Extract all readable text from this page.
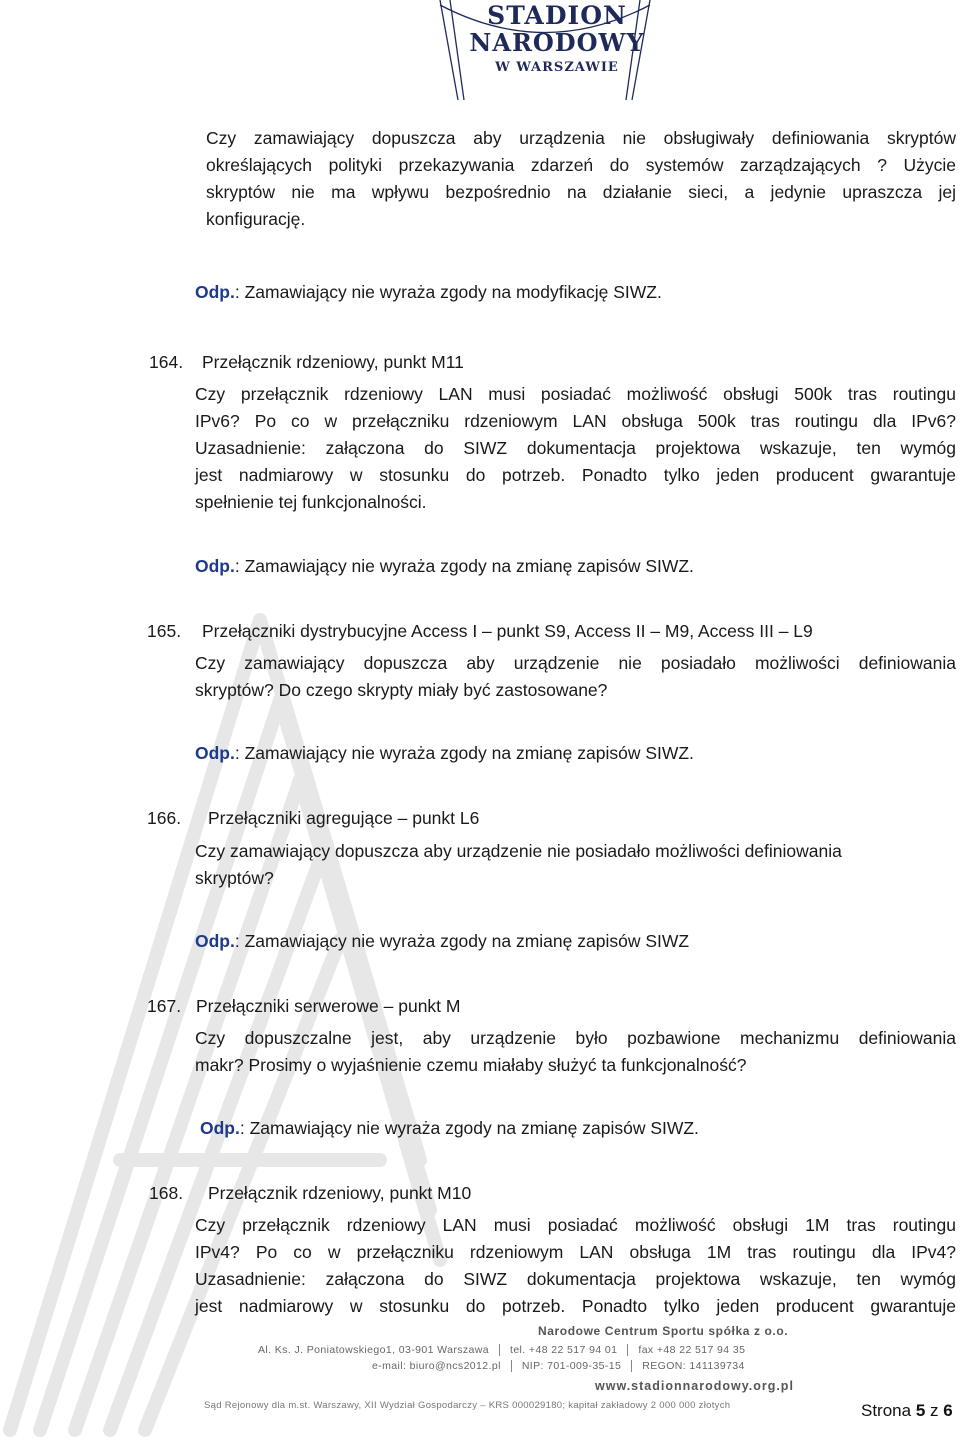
STADION
NARODOWY
W WARSZAWIE
Czy zamawiający dopuszcza aby urządzenia nie obsługiwały definiowania skryptów
określających polityki przekazywania zdarzeń do systemów zarządzających ? Użycie
skryptów nie ma wpływu bezpośrednio na działanie sieci, a jedynie upraszcza jej
konfigurację.
Odp.: Zamawiający nie wyraża zgody na modyfikację SIWZ.
164. Przełącznik rdzeniowy, punkt M11
Czy przełącznik rdzeniowy LAN musi posiadać możliwość obsługi 500k tras routingu
IPv6? Po co w przełączniku rdzeniowym LAN obsługa 500k tras routingu dla IPv6?
Uzasadnienie: załączona do SIWZ dokumentacja projektowa wskazuje, ten wymóg
jest nadmiarowy w stosunku do potrzeb. Ponadto tylko jeden producent gwarantuje
spełnienie tej funkcjonalności.
Odp.: Zamawiający nie wyraża zgody na zmianę zapisów SIWZ.
165. Przełączniki dystrybucyjne Access I – punkt S9, Access II – M9, Access III – L9
Czy zamawiający dopuszcza aby urządzenie nie posiadało możliwości definiowania
skryptów? Do czego skrypty miały być zastosowane?
Odp.: Zamawiający nie wyraża zgody na zmianę zapisów SIWZ.
166. Przełączniki agregujące – punkt L6
Czy zamawiający dopuszcza aby urządzenie nie posiadało możliwości definiowania
skryptów?
Odp.: Zamawiający nie wyraża zgody na zmianę zapisów SIWZ
167. Przełączniki serwerowe – punkt M
Czy dopuszczalne jest, aby urządzenie było pozbawione mechanizmu definiowania
makr? Prosimy o wyjaśnienie czemu miałaby służyć ta funkcjonalność?
Odp.: Zamawiający nie wyraża zgody na zmianę zapisów SIWZ.
168. Przełącznik rdzeniowy, punkt M10
Czy przełącznik rdzeniowy LAN musi posiadać możliwość obsługi 1M tras routingu
IPv4? Po co w przełączniku rdzeniowym LAN obsługa 1M tras routingu dla IPv4?
Uzasadnienie: załączona do SIWZ dokumentacja projektowa wskazuje, ten wymóg
jest nadmiarowy w stosunku do potrzeb. Ponadto tylko jeden producent gwarantuje
Narodowe Centrum Sportu spółka z o.o.
Al. Ks. J. Poniatowskiego1, 03-901 Warszawa tel. +48 22 517 94 01 fax +48 22 517 94 35
e-mail: biuro@ncs2012.pl NIP: 701-009-35-15 REGON: 141139734
www.stadionnarodowy.org.pl
Sąd Rejonowy dla m.st. Warszawy, XII Wydział Gospodarczy – KRS 000029180; kapitał zakładowy 2 000 000 złotych	Strona 5 z 6
